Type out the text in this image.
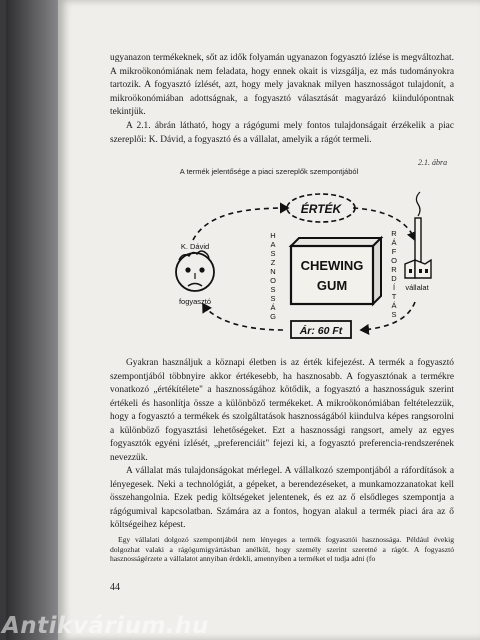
ugyanazon termékeknek, sőt az idők folyamán ugyanazon fogyasztó ízlése is megváltozhat. A mikroökonómiának nem feladata, hogy ennek okait is vizsgálja, ez más tudományokra tartozik. A fogyasztó ízlését, azt, hogy mely javaknak milyen hasznosságot tulajdonít, a mikroökonómiában adottságnak, a fogyasztó választását magyarázó kiindulópontnak tekintjük.

A 2.1. ábrán látható, hogy a rágógumi mely fontos tulajdonságait érzékelik a piac szereplői: K. Dávid, a fogyasztó és a vállalat, amelyik a rágót termeli.

2.1. ábra
A termék jelentősége a piaci szereplők szempontjából
ÉRTÉK
CHEWING
GUM
Ár: 60 Ft
H
A
S
Z
N
O
S
S
Á
G
R
Á
F
O
R
D
Í
T
Á
S
K. Dávid
fogyasztó
vállalat

Gyakran használjuk a köznapi életben is az érték kifejezést. A termék a fogyasztó szempontjából többnyire akkor értékesebb, ha hasznosabb. A fogyasztónak a termékre vonatkozó „értékítélete" a hasznosságához kötődik, a fogyasztó a hasznosságuk szerint értékeli és hasonlítja össze a különböző termékeket. A mikroökonómiában feltételezzük, hogy a fogyasztó a termékek és szolgáltatások hasznosságából kiindulva képes rangsorolni a különböző fogyasztási lehetőségeket. Ezt a hasznossági rangsort, amely az egyes fogyasztók egyéni ízlését, „preferenciáit" fejezi ki, a fogyasztó preferencia-rendszerének nevezzük.

A vállalat más tulajdonságokat mérlegel. A vállalkozó szempontjából a ráfordítások a lényegesek. Neki a technológiát, a gépeket, a berendezéseket, a munkamozzanatokat kell összehangolnia. Ezek pedig költségeket jelentenek, és ez az ő elsődleges szempontja a rágógumival kapcsolatban. Számára az a fontos, hogyan alakul a termék piaci ára az ő költségeihez képest.

Egy vállalati dolgozó szempontjából nem lényeges a termék fogyasztói hasznossága. Például évekig dolgozhat valaki a rágógumigyártásban anélkül, hogy személy szerint szeretné a rágót. A fogyasztó hasznosságérzete a vállalatot annyiban érdekli, amennyiben a terméket el tudja adni (fo

44
Antikvárium.hu
